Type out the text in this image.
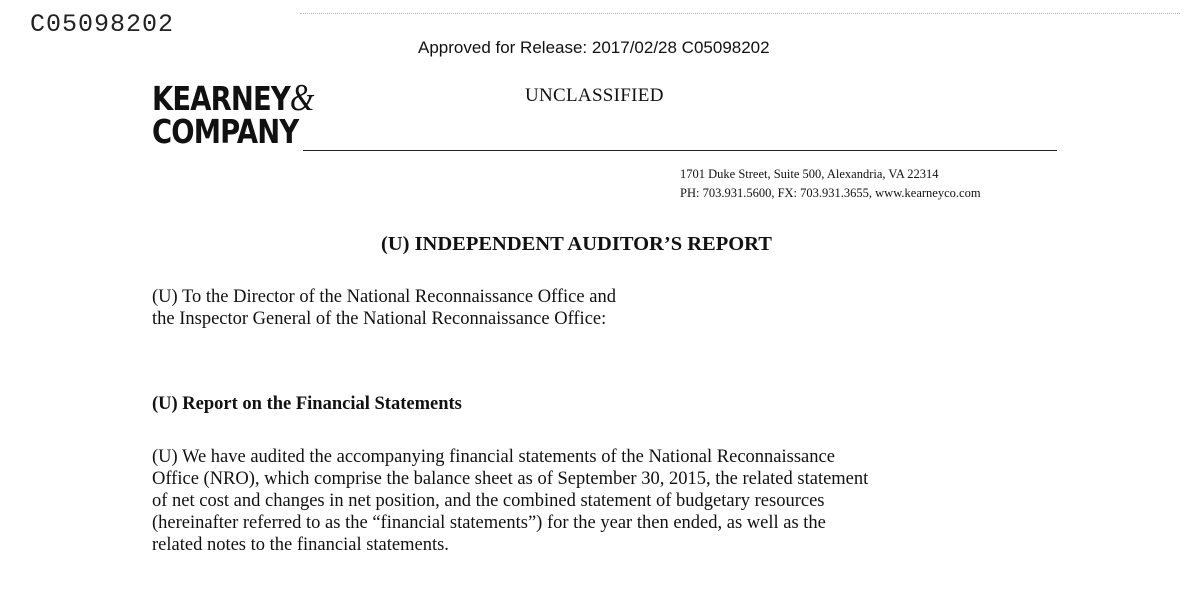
C05098202
Approved for Release: 2017/02/28 C05098202
KEARNEY&
COMPANY
UNCLASSIFIED
1701 Duke Street, Suite 500, Alexandria, VA 22314
PH: 703.931.5600, FX: 703.931.3655, www.kearneyco.com
(U) INDEPENDENT AUDITOR’S REPORT
(U) To the Director of the National Reconnaissance Office and
the Inspector General of the National Reconnaissance Office:
(U) Report on the Financial Statements
(U) We have audited the accompanying financial statements of the National Reconnaissance
Office (NRO), which comprise the balance sheet as of September 30, 2015, the related statement
of net cost and changes in net position, and the combined statement of budgetary resources
(hereinafter referred to as the “financial statements”) for the year then ended, as well as the
related notes to the financial statements.
